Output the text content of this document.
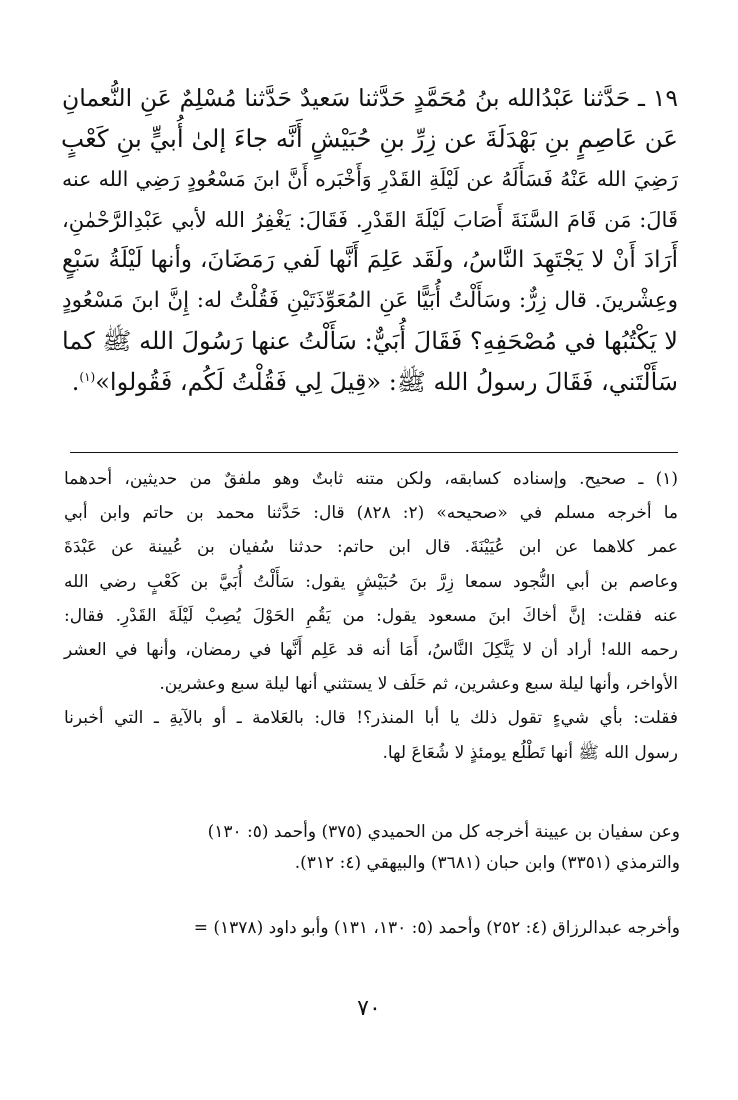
١٩ ـ حَدَّثنا عَبْدُالله بنُ مُحَمَّدٍ حَدَّثنا سَعيدٌ حَدَّثنا مُسْلِمٌ عَنِ النُّعمانِ
عَن عَاصِمٍ بنِ بَهْدَلَةَ عن زِرِّ بنِ حُبَيْشٍ أَنَّه جاءَ إلىٰ أُبيٍّ بنِ كَعْبٍ
رَضِيَ الله عَنْهُ فَسَأَلَهُ عن لَيْلَةِ القَدْرِ وَأَخْبَره أَنَّ ابنَ مَسْعُودٍ رَضِي الله عنه
قَالَ: مَن قَامَ السَّنَةَ أَصَابَ لَيْلَةَ القَدْرِ. فَقَالَ: يَغْفِرُ الله لأبي عَبْدِالرَّحْمٰنِ،
أَرَادَ أَنْ لا يَجْتَهِدَ النَّاسُ، ولَقَد عَلِمَ أَنَّها لَفي رَمَضَانَ، وأنها لَيْلَةُ سَبْعٍ
وعِشْرينَ. قال زِرٌّ: وسَأَلْتُ أُبَيًّا عَنِ المُعَوِّذَتَيْنِ فَقُلْتُ له: إِنَّ ابنَ مَسْعُودٍ
لا يَكْتُبُها في مُصْحَفِهِ؟ فَقَالَ أُبَيٌّ: سَأَلْتُ عنها رَسُولَ الله ﷺ كما
سَأَلْتَني، فَقَالَ رسولُ الله ﷺ: «قِيلَ لِي فَقُلْتُ لَكُم، فَقُولوا»$^{(١)}$.
(١) ـ صحيح. وإسناده كسابقه، ولكن متنه ثابتٌ وهو ملفقٌ من حديثين، أحدهما
ما أخرجه مسلم في «صحيحه» (٢: ٨٢٨) قال: حَدَّثنا محمد بن حاتم وابن أبي
عمر كلاهما عن ابن عُيَيْنَةَ. قال ابن حاتم: حدثنا سُفيان بن عُيينة عن عَبْدَةَ
وعاصم بن أبي النُّجود سمعا زِرَّ بنَ حُبَيْشٍ يقول: سَأَلْتُ أُبَيَّ بن كَعْبٍ رضي الله
عنه فقلت: إنَّ أخاكَ ابنَ مسعود يقول: من يَقُمِ الحَوْلَ يُصِبْ لَيْلَةَ القَدْرِ. فقال:
رحمه الله! أراد أن لا يَتَّكِلَ النَّاسُ، أَمَا أنه قد عَلِم أَنَّها في رمضان، وأنها في العشر
الأواخر، وأنها ليلة سبع وعشرين، ثم حَلَف لا يستثني أنها ليلة سبع وعشرين.
فقلت: بأي شيءٍ تقول ذلك يا أبا المنذر؟! قال: بالعَلامة ـ أو بالآيةِ ـ التي أخبرنا
رسول الله ﷺ أنها تَطْلُع يومئذٍ لا شُعَاعَ لها.
وعن سفيان بن عيينة أخرجه كل من الحميدي (٣٧٥) وأحمد (٥: ١٣٠)
والترمذي (٣٣٥١) وابن حبان (٣٦٨١) والبيهقي (٤: ٣١٢).
وأخرجه عبدالرزاق (٤: ٢٥٢) وأحمد (٥: ١٣٠، ١٣١) وأبو داود (١٣٧٨) =
٧٠
